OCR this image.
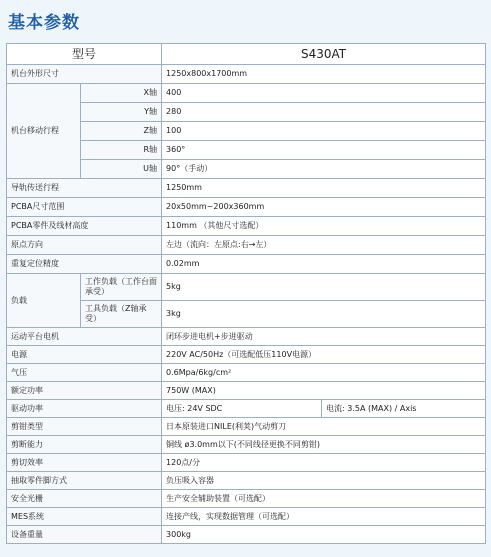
基本参数
型号		S430AT	
机台外形尺寸		1250x800x1700mm	
机台移动行程	X轴	400	
	Y轴	280	
	Z轴	100	
	R轴	360°	
	U轴	90°（手动）	
导轨传送行程		1250mm	
PCBA尺寸范围		20x50mm~200x360mm	
PCBA零件及线材高度		110mm （其他尺寸选配）	
原点方向		左边（流向：左原点:右→左）	
重复定位精度		0.02mm	
负载	工作负载（工作台面承受）	5kg	
	工具负载（Z轴承受）	3kg	
运动平台电机		闭环步进电机+步进驱动	
电源		220V AC/50Hz（可选配低压110V电源）	
气压		0.6Mpa/6kg/cm²	
额定功率		750W (MAX)	
驱动功率		电压: 24V SDC	电流: 3.5A (MAX) / Axis
剪钳类型		日本原装进口NILE(利荚)气动剪刀	
剪断能力		铜线 ø3.0mm以下(不同线径更换不同剪钳)	
剪切效率		120点/分	
抽取零件脚方式		负压吸入容器	
安全光栅		生产安全辅助装置（可选配）	
MES系统		连接产线，实现数据管理（可选配）	
设备重量		300kg	
